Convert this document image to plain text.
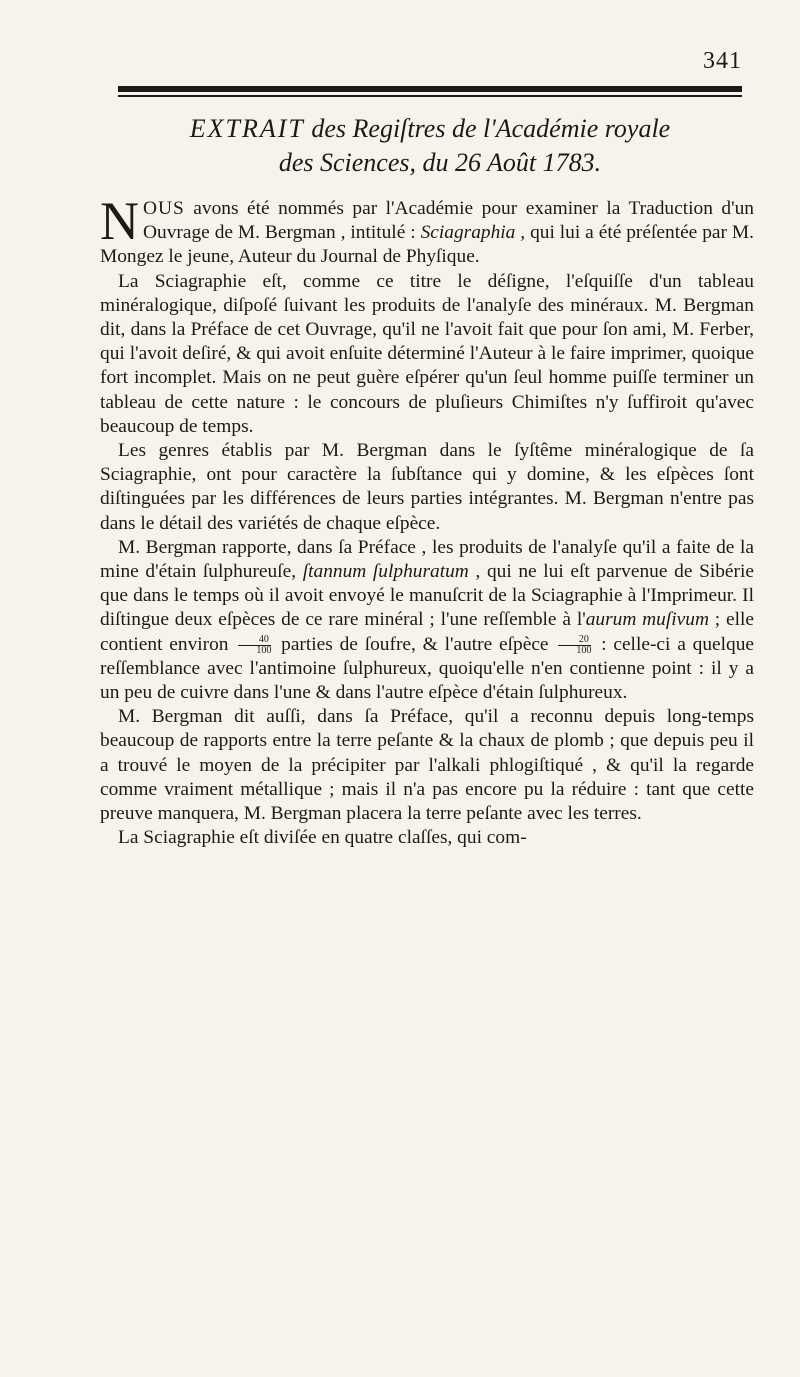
341
EXTRAIT des Regiſtres de l'Académie royale
des Sciences, du 26 Août 1783.

NOUS avons été nommés par l'Académie pour examiner la Traduction d'un Ouvrage de M. Bergman , intitulé : Sciagraphia , qui lui a été préſentée par M. Mongez le jeune, Auteur du Journal de Phyſique.

La Sciagraphie eſt, comme ce titre le déſigne, l'eſquiſſe d'un tableau minéralogique, diſpoſé ſuivant les produits de l'analyſe des minéraux. M. Bergman dit, dans la Préface de cet Ouvrage, qu'il ne l'avoit fait que pour ſon ami, M. Ferber, qui l'avoit deſiré, & qui avoit enſuite déterminé l'Auteur à le faire imprimer, quoique fort incomplet. Mais on ne peut guère eſpérer qu'un ſeul homme puiſſe terminer un tableau de cette nature : le concours de pluſieurs Chimiſtes n'y ſuffiroit qu'avec beaucoup de temps.

Les genres établis par M. Bergman dans le ſyſtême minéralogique de ſa Sciagraphie, ont pour caractère la ſubſtance qui y domine, & les eſpèces ſont diſtinguées par les différences de leurs parties intégrantes. M. Bergman n'entre pas dans le détail des variétés de chaque eſpèce.

M. Bergman rapporte, dans ſa Préface , les produits de l'analyſe qu'il a faite de la mine d'étain ſulphureuſe, ſtannum ſulphuratum , qui ne lui eſt parvenue de Sibérie que dans le temps où il avoit envoyé le manuſcrit de la Sciagraphie à l'Imprimeur. Il diſtingue deux eſpèces de ce rare minéral ; l'une reſſemble à l'aurum muſivum ; elle contient environ $\frac{40}{100}$ parties de ſoufre, & l'autre eſpèce $\frac{20}{100}$ : celle-ci a quelque reſſemblance avec l'antimoine ſulphureux, quoiqu'elle n'en contienne point : il y a un peu de cuivre dans l'une & dans l'autre eſpèce d'étain ſulphureux.

M. Bergman dit auſſi, dans ſa Préface, qu'il a reconnu depuis long-temps beaucoup de rapports entre la terre peſante & la chaux de plomb ; que depuis peu il a trouvé le moyen de la précipiter par l'alkali phlogiſtiqué , & qu'il la regarde comme vraiment métallique ; mais il n'a pas encore pu la réduire : tant que cette preuve manquera, M. Bergman placera la terre peſante avec les terres.

La Sciagraphie eſt diviſée en quatre claſſes, qui com-
